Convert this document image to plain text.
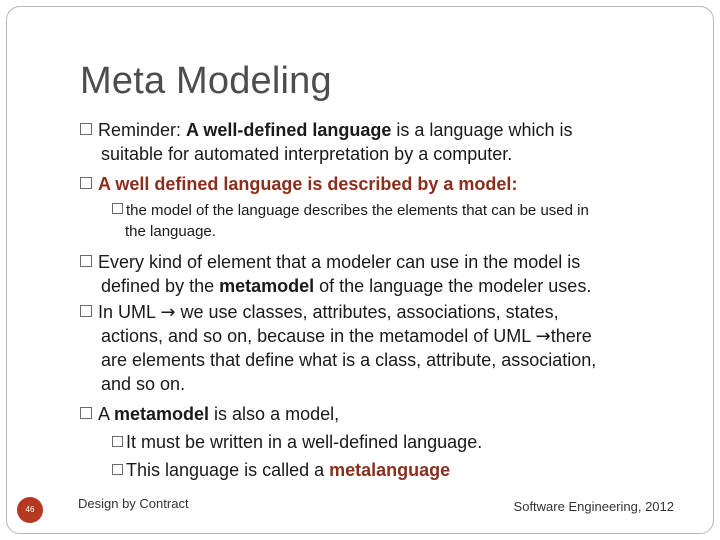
Meta Modeling
Reminder: A well-defined language is a language which is
suitable for automated interpretation by a computer.
A well defined language is described by a model:
the model of the language describes the elements that can be used in
the language.
Every kind of element that a modeler can use in the model is
defined by the metamodel of the language the modeler uses.
In UML → we use classes, attributes, associations, states,
actions, and so on, because in the metamodel of UML →there
are elements that define what is a class, attribute, association,
and so on.
A metamodel is also a model,
It must be written in a well-defined language.
This language is called a metalanguage
46	Design by Contract	Software Engineering, 2012
